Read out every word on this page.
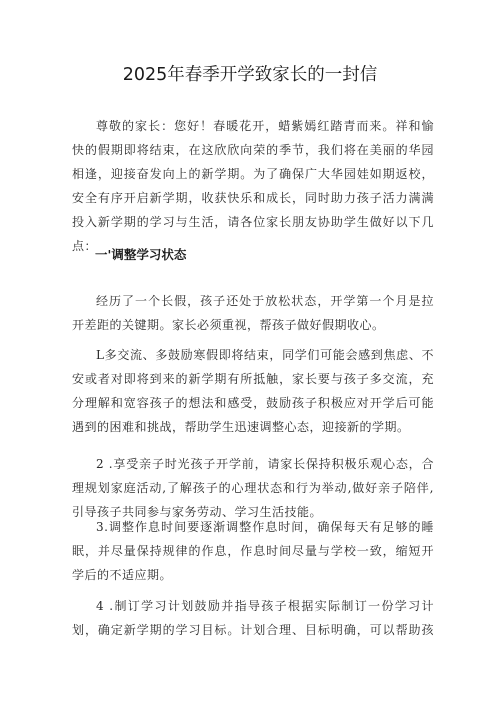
2025年春季开学致家长的一封信
尊敬的家长：您好！春暖花开，蜡紫嫣红踏青而来。祥和愉
快的假期即将结束，在这欣欣向荣的季节，我们将在美丽的华园
相逢，迎接奋发向上的新学期。为了确保广大华园娃如期返校，
安全有序开启新学期，收获快乐和成长，同时助力孩子活力满满
投入新学期的学习与生活，请各位家长朋友协助学生做好以下几
点：
一'调整学习状态
经历了一个长假，孩子还处于放松状态，开学第一个月是拉
开差距的关键期。家长必须重视，帮孩子做好假期收心。
L多交流、多鼓励寒假即将结束，同学们可能会感到焦虑、不
安或者对即将到来的新学期有所抵触，家长要与孩子多交流，充
分理解和宽容孩子的想法和感受，鼓励孩子积极应对开学后可能
遇到的困难和挑战，帮助学生迅速调整心态，迎接新的学期。
2 .享受亲子时光孩子开学前，请家长保持积极乐观心态，合
理规划家庭活动,了解孩子的心理状态和行为举动,做好亲子陪伴,
引导孩子共同参与家务劳动、学习生活技能。
3.调整作息时间要逐渐调整作息时间，确保每天有足够的睡
眠，并尽量保持规律的作息，作息时间尽量与学校一致，缩短开
学后的不适应期。
4 .制订学习计划鼓励并指导孩子根据实际制订一份学习计
划，确定新学期的学习目标。计划合理、目标明确，可以帮助孩
